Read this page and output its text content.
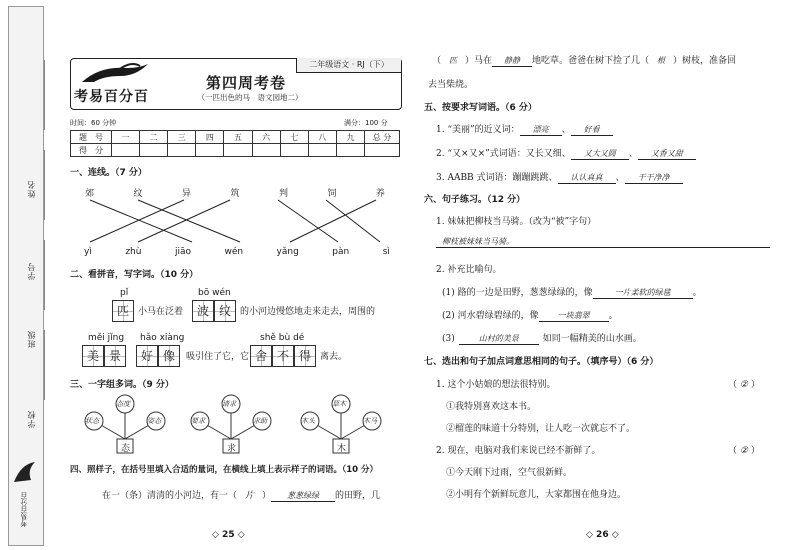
姓名
学号
班级
学校
考易百分百
考易百分百
二年级语文 · RJ（下）
第四周考卷
（一匹出色的马　语文园地二）
时间：60 分钟	满分：100 分
题　号	一	二	三	四	五	六	七	八	九	总 分
得　分										
一、连线。（7 分）
郊	纹	异	筑	判	饲	养
yì	zhù	jiāo	wén	yǎng	pàn	sì
二、看拼音，写字词。（10 分）
pǐ	bō wén
匹	小马在泛着	波 纹	的小河边慢悠地走来走去，周围的
měi jǐng hǎo xiàng	shě bù dé
美 景	好 像	吸引住了它，它 舍 不 得	离去。
三、一字组多词。（9 分）
态度
状态	姿态
态
请求
要求	求助
求
草木
木头	木马
木
四、照样子，在括号里填入合适的量词，在横线上填上表示样子的词语。（10 分）
在一（条）清清的小河边，有一（ 片 ） 葱葱绿绿 的田野，几
◇ 25 ◇
（ 匹 ）马在 静静 地吃草。爸爸在树下捡了几（ 根 ）树枝，准备回
去当柴烧。
五、按要求写词语。（6 分）
1. “美丽”的近义词： 漂亮 、 好看
2. “又×又×”式词语：又长又细、 又大又圆 、 又香又甜
3. AABB 式词语：蹦蹦跳跳、 认认真真 、 干干净净
六、句子练习。（12 分）
1. 妹妹把柳枝当马骑。（改为“被”字句）
柳枝被妹妹当马骑。
2. 补充比喻句。
(1) 路的一边是田野，葱葱绿绿的，像	一片柔软的绿毯 。
(2) 河水碧绿碧绿的，像 一块翡翠 。
(3)	山村的美景	如同一幅精美的山水画。
七、选出和句子加点词意思相同的句子。（填序号）（6 分）
1. 这个小姑娘的想法很特别。	（ ② ）
①我特别喜欢这本书。
②榴莲的味道十分特别，让人吃一次就忘不了。
2. 现在，电脑对我们来说已经不新鲜了。	（ ② ）
①今天刚下过雨，空气很新鲜。
②小明有个新鲜玩意儿，大家都围在他身边。
◇ 26 ◇
